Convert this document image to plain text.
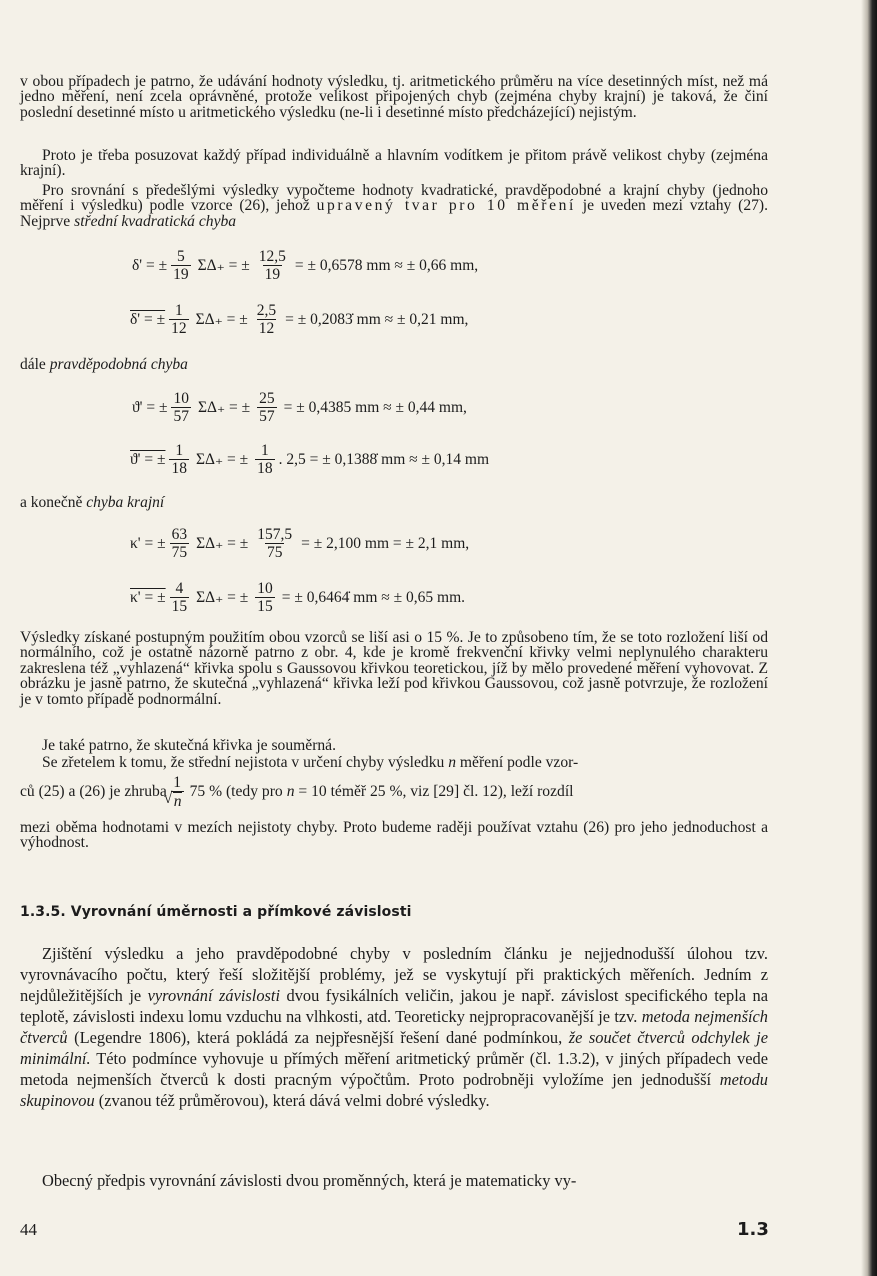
v obou případech je patrno, že udávání hodnoty výsledku, tj. aritmetického průměru na více desetinných míst, než má jedno měření, není zcela oprávněné, protože velikost připojených chyb (zejména chyby krajní) je taková, že činí poslední desetinné místo u aritmetického výsledku (ne-li i desetinné místo předcházející) nejistým.

Proto je třeba posuzovat každý případ individuálně a hlavním vodítkem je přitom právě velikost chyby (zejména krajní).

Pro srovnání s předešlými výsledky vypočteme hodnoty kvadratické, pravděpodobné a krajní chyby (jednoho měření i výsledku) podle vzorce (26), jehož upravený tvar pro 10 měření je uveden mezi vztahy (27). Nejprve střední kvadratická chyba

δ' = ± $\frac{5}{19} \Sigma\Delta_+$ = ± $\frac{12,5}{19}$ = ± 0,6578 mm ≈ ± 0,66 mm,
δ' = ± $\frac{1}{12} \Sigma\Delta_+$ = ± $\frac{2,5}{12}$ = ± 0,2083̇ mm ≈ ± 0,21 mm,
dále pravděpodobná chyba
ϑ' = ± $\frac{10}{57} \Sigma\Delta_+$ = ± $\frac{25}{57}$ = ± 0,4385 mm ≈ ± 0,44 mm,
ϑ' = ± $\frac{1}{18} \Sigma\Delta_+$ = ± $\frac{1}{18}$ . 2,5 = ± 0,1388̇ mm ≈ ± 0,14 mm
a konečně chyba krajní
κ' = ± $\frac{63}{75} \Sigma\Delta_+$ = ± $\frac{157,5}{75}$ = ± 2,100 mm = ± 2,1 mm,
κ' = ± $\frac{4}{15} \Sigma\Delta_+$ = ± $\frac{10}{15}$ = ± 0,6464̇ mm ≈ ± 0,65 mm.

Výsledky získané postupným použitím obou vzorců se liší asi o 15 %. Je to způsobeno tím, že se toto rozložení liší od normálního, což je ostatně názorně patrno z obr. 4, kde je kromě frekvenční křivky velmi neplynulého charakteru zakreslena též „vyhlazená“ křivka spolu s Gaussovou křivkou teoretickou, jíž by mělo provedené měření vyhovovat. Z obrázku je jasně patrno, že skutečná „vyhlazená“ křivka leží pod křivkou Gaussovou, což jasně potvrzuje, že rozložení je v tomto případě podnormální.

Je také patrno, že skutečná křivka je souměrná.

Se zřetelem k tomu, že střední nejistota v určení chyby výsledku n měření podle vzor-

ců (25) a (26) je zhruba 1
√ n 75 % (tedy pro n = 10 téměř 25 %, viz [29] čl. 12), leží rozdíl

mezi oběma hodnotami v mezích nejistoty chyby. Proto budeme raději používat vztahu (26) pro jeho jednoduchost a výhodnost.

1.3.5. Vyrovnání úměrnosti a přímkové závislosti

Zjištění výsledku a jeho pravděpodobné chyby v posledním článku je nejjednodušší úlohou tzv. vyrovnávacího počtu, který řeší složitější problémy, jež se vyskytují při praktických měřeních. Jedním z nejdůležitějších je vyrovnání závislosti dvou fysikálních veličin, jakou je např. závislost specifického tepla na teplotě, závislosti indexu lomu vzduchu na vlhkosti, atd. Teoreticky nejpropracovanější je tzv. metoda nejmenších čtverců (Legendre 1806), která pokládá za nejpřesnější řešení dané podmínkou, že součet čtverců odchylek je minimální. Této podmínce vyhovuje u přímých měření aritmetický průměr (čl. 1.3.2), v jiných případech vede metoda nejmenších čtverců k dosti pracným výpočtům. Proto podrobněji vyložíme jen jednodušší metodu skupinovou (zvanou též průměrovou), která dává velmi dobré výsledky.

Obecný předpis vyrovnání závislosti dvou proměnných, která je matematicky vy-

44	1.3
